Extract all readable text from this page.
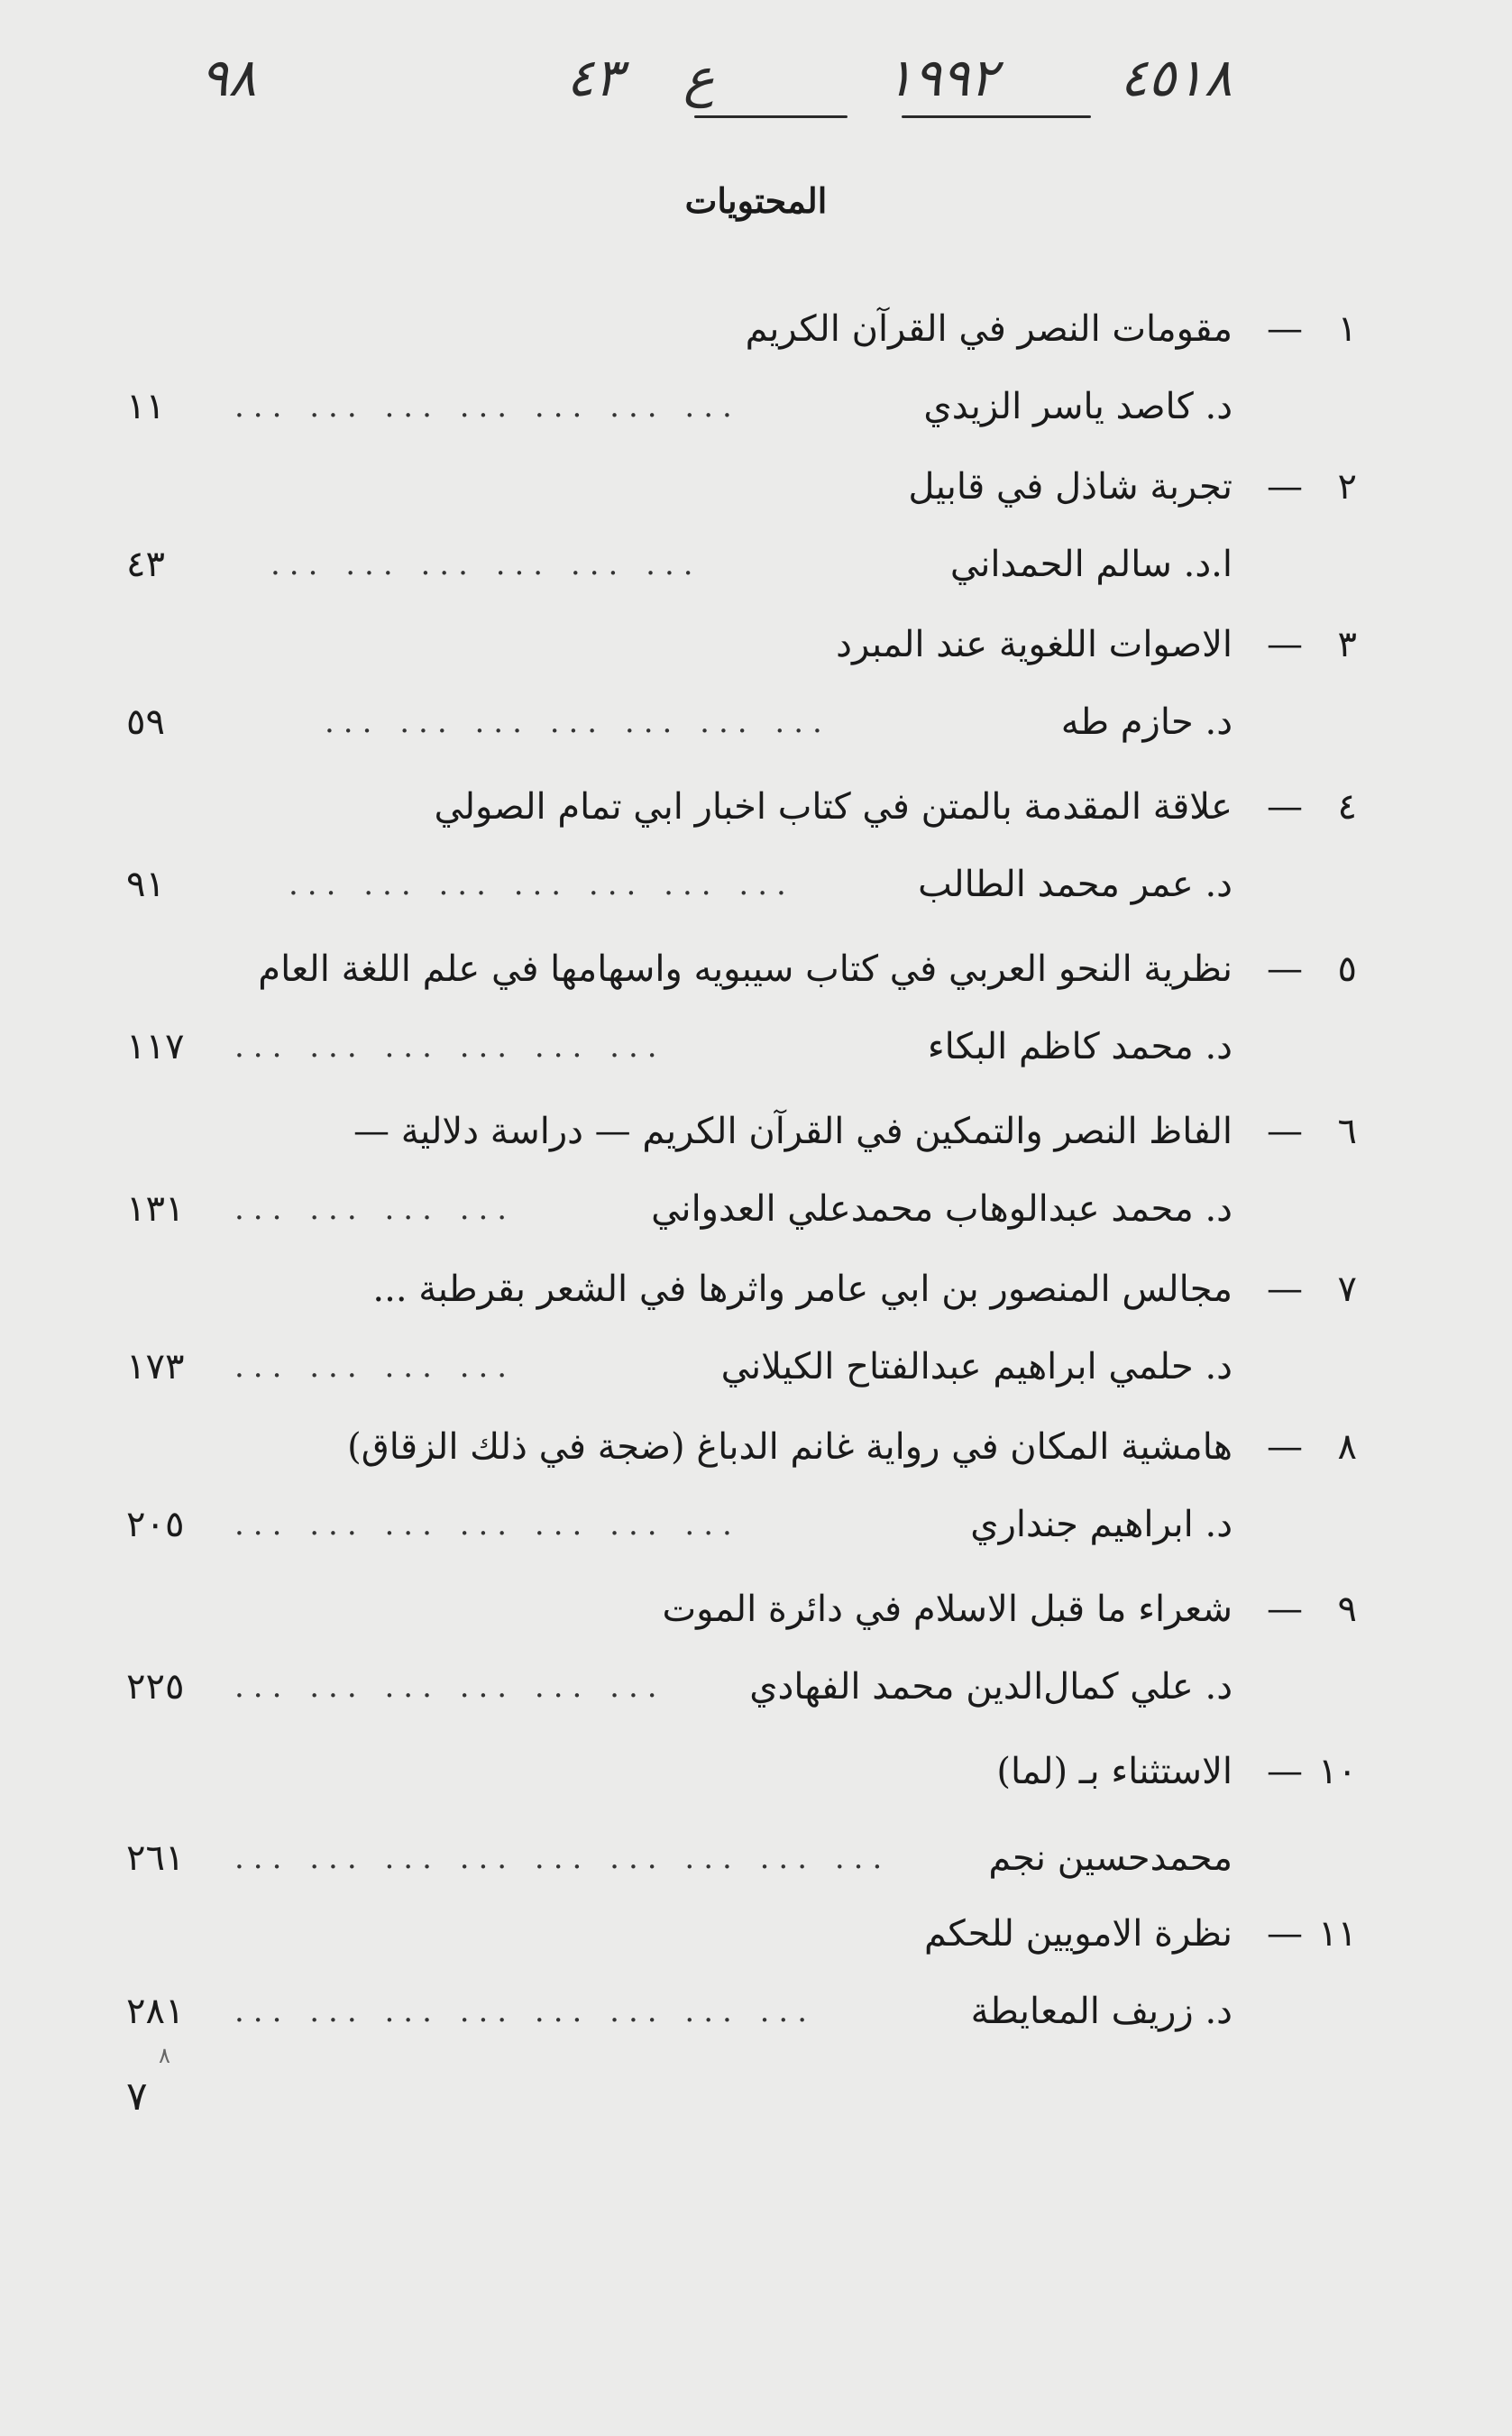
٩٨	٤٣ ع	١٩٩٢ ٤٥١٨
المحتويات
١
—
مقومات النصر في القرآن الكريم
د. كاصد ياسر الزيدي
... ... ... ... ... ... ...
١١
٢
—
تجربة شاذل في قابيل
ا.د. سالم الحمداني
... ... ... ... ... ...
٤٣
٣
—
الاصوات اللغوية عند المبرد
د. حازم طه
... ... ... ... ... ... ...
٥٩
٤
—
علاقة المقدمة بالمتن في كتاب اخبار ابي تمام الصولي
د. عمر محمد الطالب
... ... ... ... ... ... ...
٩١
٥
—
نظرية النحو العربي في كتاب سيبويه واسهامها في علم اللغة العام
د. محمد كاظم البكاء
... ... ... ... ... ...
١١٧
٦
—
الفاظ النصر والتمكين في القرآن الكريم — دراسة دلالية —
د. محمد عبدالوهاب محمدعلي العدواني
... ... ... ...
١٣١
٧
—
مجالس المنصور بن ابي عامر واثرها في الشعر بقرطبة ...
د. حلمي ابراهيم عبدالفتاح الكيلاني
... ... ... ...
١٧٣
٨
—
هامشية المكان في رواية غانم الدباغ (ضجة في ذلك الزقاق)
د. ابراهيم جنداري
... ... ... ... ... ... ...
٢٠٥
٩
—
شعراء ما قبل الاسلام في دائرة الموت
د. علي كمال‌الدين محمد الفهادي
... ... ... ... ... ...
٢٢٥
١٠
—
الاستثناء بـ (لما)
محمدحسين نجم
... ... ... ... ... ... ... ... ...
٢٦١
١١
—
نظرة الامويين للحكم
د. زريف المعايطة
... ... ... ... ... ... ... ...
٢٨١
٨
٧
